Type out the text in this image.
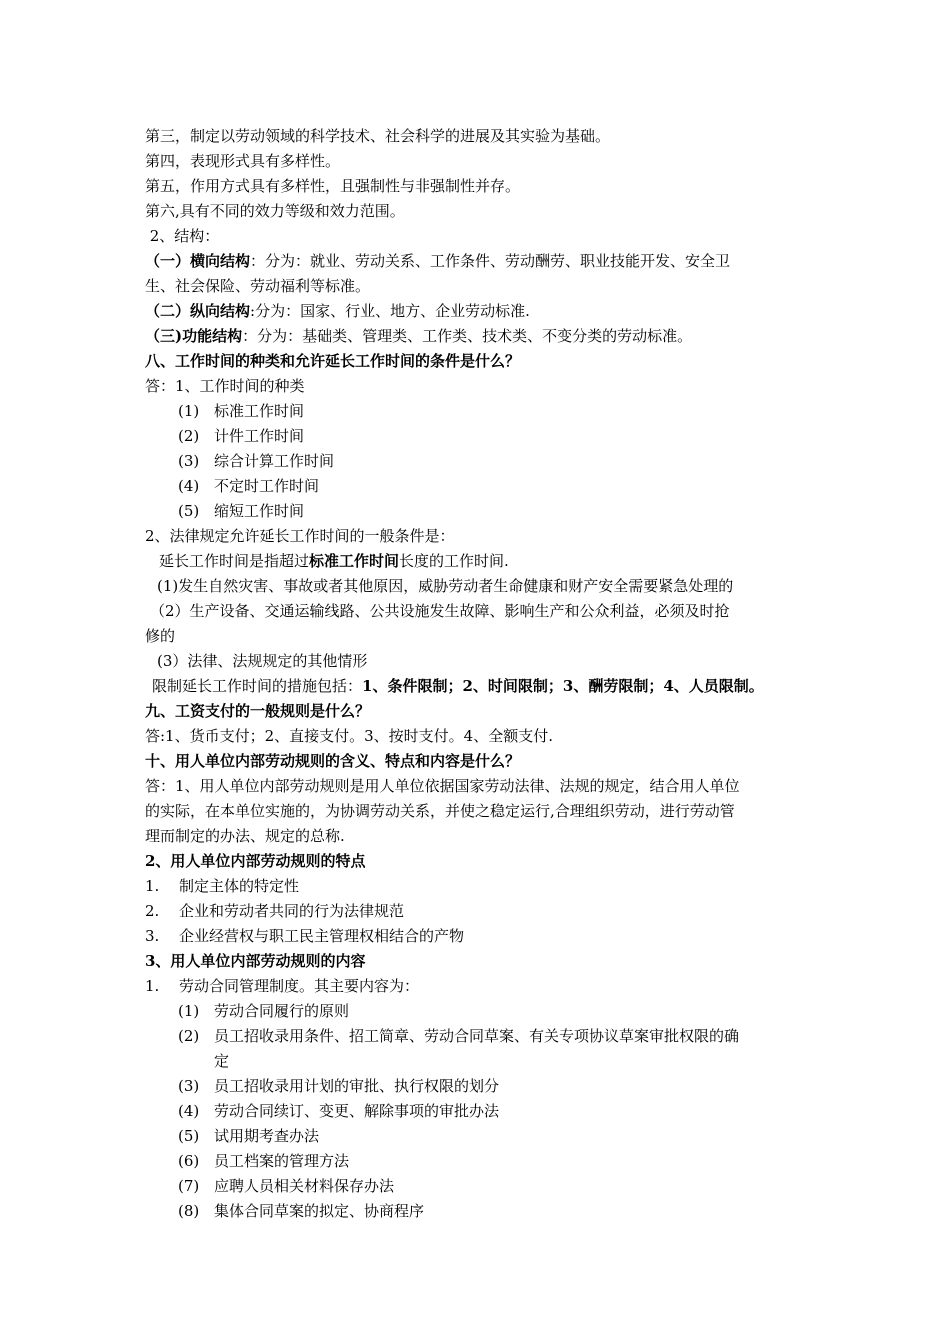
第三，制定以劳动领域的科学技术、社会科学的进展及其实验为基础。
第四，表现形式具有多样性。
第五，作用方式具有多样性，且强制性与非强制性并存。
第六,具有不同的效力等级和效力范围。
2、结构：
（一）横向结构：分为：就业、劳动关系、工作条件、劳动酬劳、职业技能开发、安全卫
生、社会保险、劳动福利等标准。
（二）纵向结构:分为：国家、行业、地方、企业劳动标准.
（三)功能结构：分为：基础类、管理类、工作类、技术类、不变分类的劳动标准。
八、工作时间的种类和允许延长工作时间的条件是什么？
答：1、工作时间的种类
(1) 标准工作时间
(2) 计件工作时间
(3) 综合计算工作时间
(4) 不定时工作时间
(5) 缩短工作时间
2、法律规定允许延长工作时间的一般条件是：
延长工作时间是指超过标准工作时间长度的工作时间.
(1)发生自然灾害、事故或者其他原因，威胁劳动者生命健康和财产安全需要紧急处理的
（2）生产设备、交通运输线路、公共设施发生故障、影响生产和公众利益，必须及时抢
修的
(3）法律、法规规定的其他情形
限制延长工作时间的措施包括：1、条件限制；2、时间限制；3、酬劳限制；4、人员限制。
九、工资支付的一般规则是什么？
答:1、货币支付；2、直接支付。3、按时支付。4、全额支付.
十、用人单位内部劳动规则的含义、特点和内容是什么？
答：1、用人单位内部劳动规则是用人单位依据国家劳动法律、法规的规定，结合用人单位
的实际，在本单位实施的，为协调劳动关系，并使之稳定运行,合理组织劳动，进行劳动管
理而制定的办法、规定的总称.
2、用人单位内部劳动规则的特点
1. 制定主体的特定性
2. 企业和劳动者共同的行为法律规范
3. 企业经营权与职工民主管理权相结合的产物
3、用人单位内部劳动规则的内容
1. 劳动合同管理制度。其主要内容为：
(1) 劳动合同履行的原则
(2) 员工招收录用条件、招工简章、劳动合同草案、有关专项协议草案审批权限的确
定
(3) 员工招收录用计划的审批、执行权限的划分
(4) 劳动合同续订、变更、解除事项的审批办法
(5) 试用期考查办法
(6) 员工档案的管理方法
(7) 应聘人员相关材料保存办法
(8) 集体合同草案的拟定、协商程序
